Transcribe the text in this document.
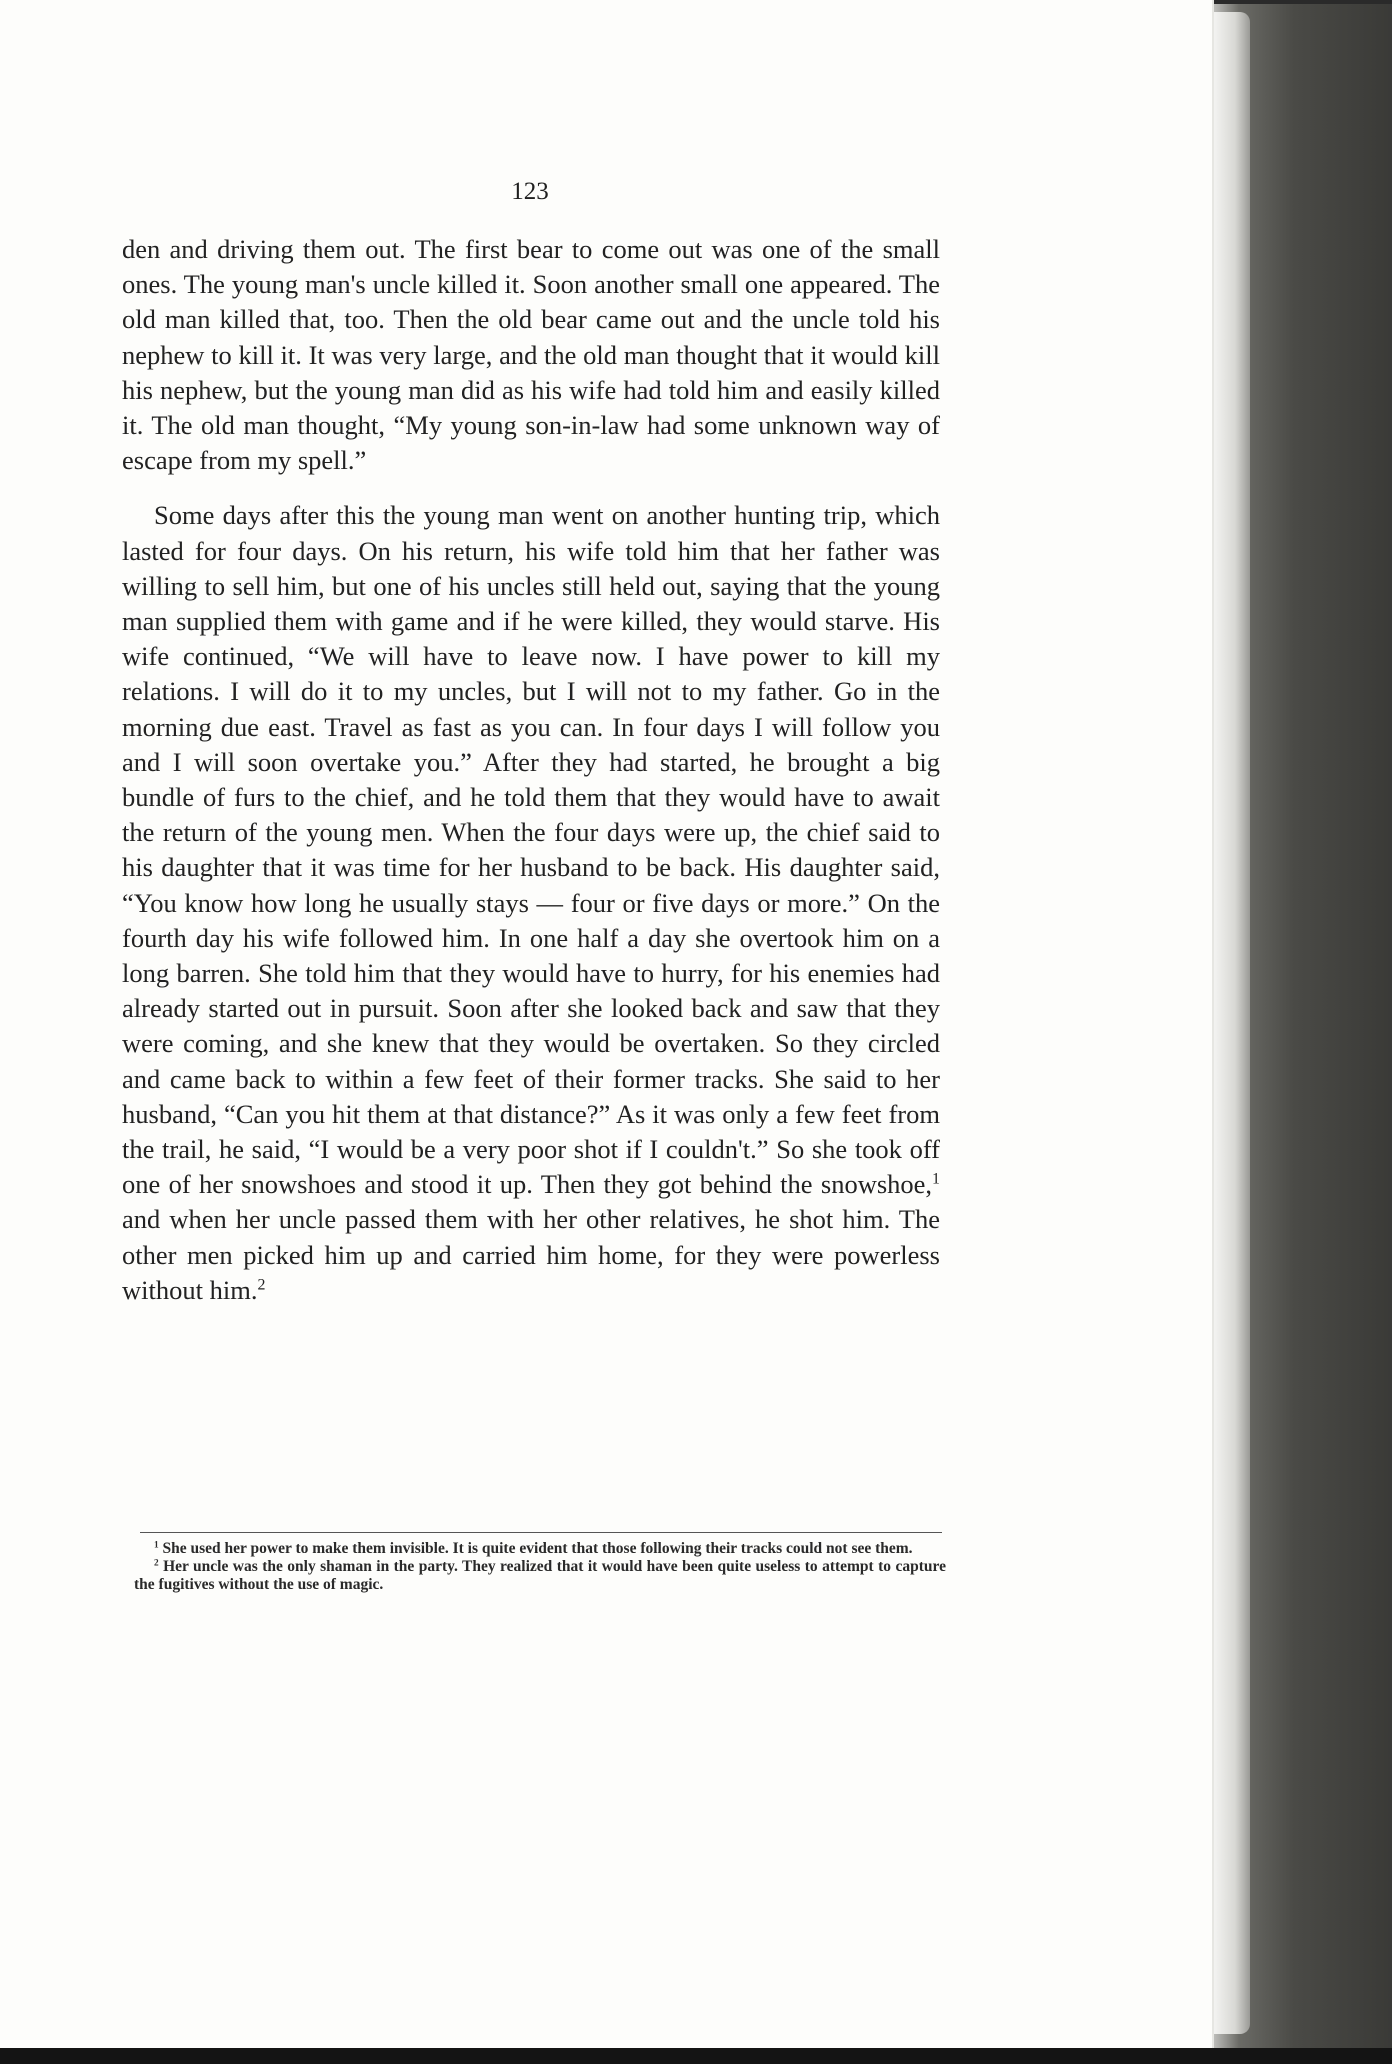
123

den and driving them out. The first bear to come out was one of the small ones. The young man's uncle killed it. Soon another small one appeared. The old man killed that, too. Then the old bear came out and the uncle told his nephew to kill it. It was very large, and the old man thought that it would kill his nephew, but the young man did as his wife had told him and easily killed it. The old man thought, “My young son-in-law had some unknown way of escape from my spell.”

Some days after this the young man went on another hunting trip, which lasted for four days. On his return, his wife told him that her father was willing to sell him, but one of his uncles still held out, saying that the young man supplied them with game and if he were killed, they would starve. His wife continued, “We will have to leave now. I have power to kill my relations. I will do it to my uncles, but I will not to my father. Go in the morning due east. Travel as fast as you can. In four days I will follow you and I will soon overtake you.” After they had started, he brought a big bundle of furs to the chief, and he told them that they would have to await the return of the young men. When the four days were up, the chief said to his daughter that it was time for her husband to be back. His daughter said, “You know how long he usually stays — four or five days or more.” On the fourth day his wife followed him. In one half a day she overtook him on a long barren. She told him that they would have to hurry, for his enemies had already started out in pursuit. Soon after she looked back and saw that they were coming, and she knew that they would be overtaken. So they circled and came back to within a few feet of their former tracks. She said to her husband, “Can you hit them at that distance?” As it was only a few feet from the trail, he said, “I would be a very poor shot if I couldn't.” So she took off one of her snowshoes and stood it up. Then they got behind the snowshoe,$^1$ and when her uncle passed them with her other relatives, he shot him. The other men picked him up and carried him home, for they were powerless without him.$^2$

$^1$ She used her power to make them invisible. It is quite evident that those following their tracks could not see them.

$^2$ Her uncle was the only shaman in the party. They realized that it would have been quite useless to attempt to capture the fugitives without the use of magic.
